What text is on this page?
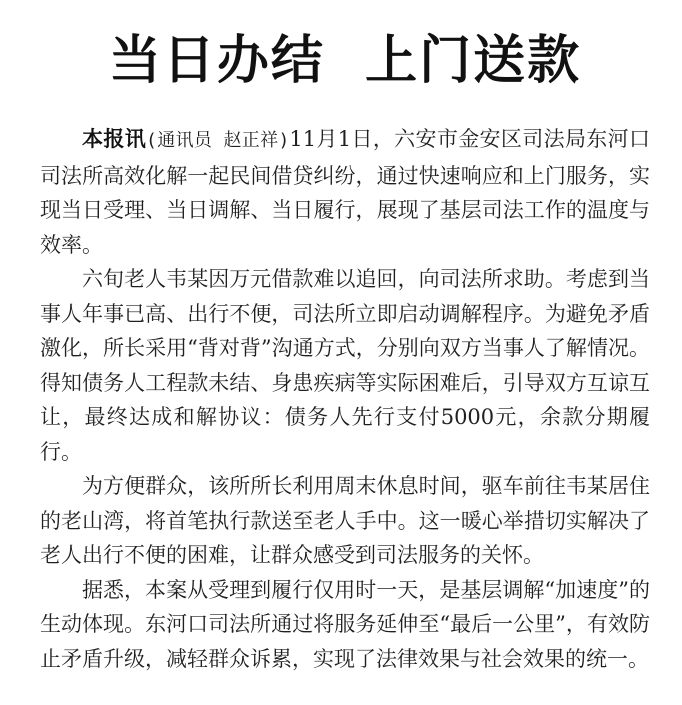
当日办结  上门送款

本报讯(通讯员 赵正祥)11月1日，六安市金安区司法局东河口司法所高效化解一起民间借贷纠纷，通过快速响应和上门服务，实现当日受理、当日调解、当日履行，展现了基层司法工作的温度与效率。

六旬老人韦某因万元借款难以追回，向司法所求助。考虑到当事人年事已高、出行不便，司法所立即启动调解程序。为避免矛盾激化，所长采用“背对背”沟通方式，分别向双方当事人了解情况。得知债务人工程款未结、身患疾病等实际困难后，引导双方互谅互让，最终达成和解协议：债务人先行支付5000元，余款分期履行。

为方便群众，该所所长利用周末休息时间，驱车前往韦某居住的老山湾，将首笔执行款送至老人手中。这一暖心举措切实解决了老人出行不便的困难，让群众感受到司法服务的关怀。

据悉，本案从受理到履行仅用时一天，是基层调解“加速度”的生动体现。东河口司法所通过将服务延伸至“最后一公里”，有效防止矛盾升级，减轻群众诉累，实现了法律效果与社会效果的统一。
